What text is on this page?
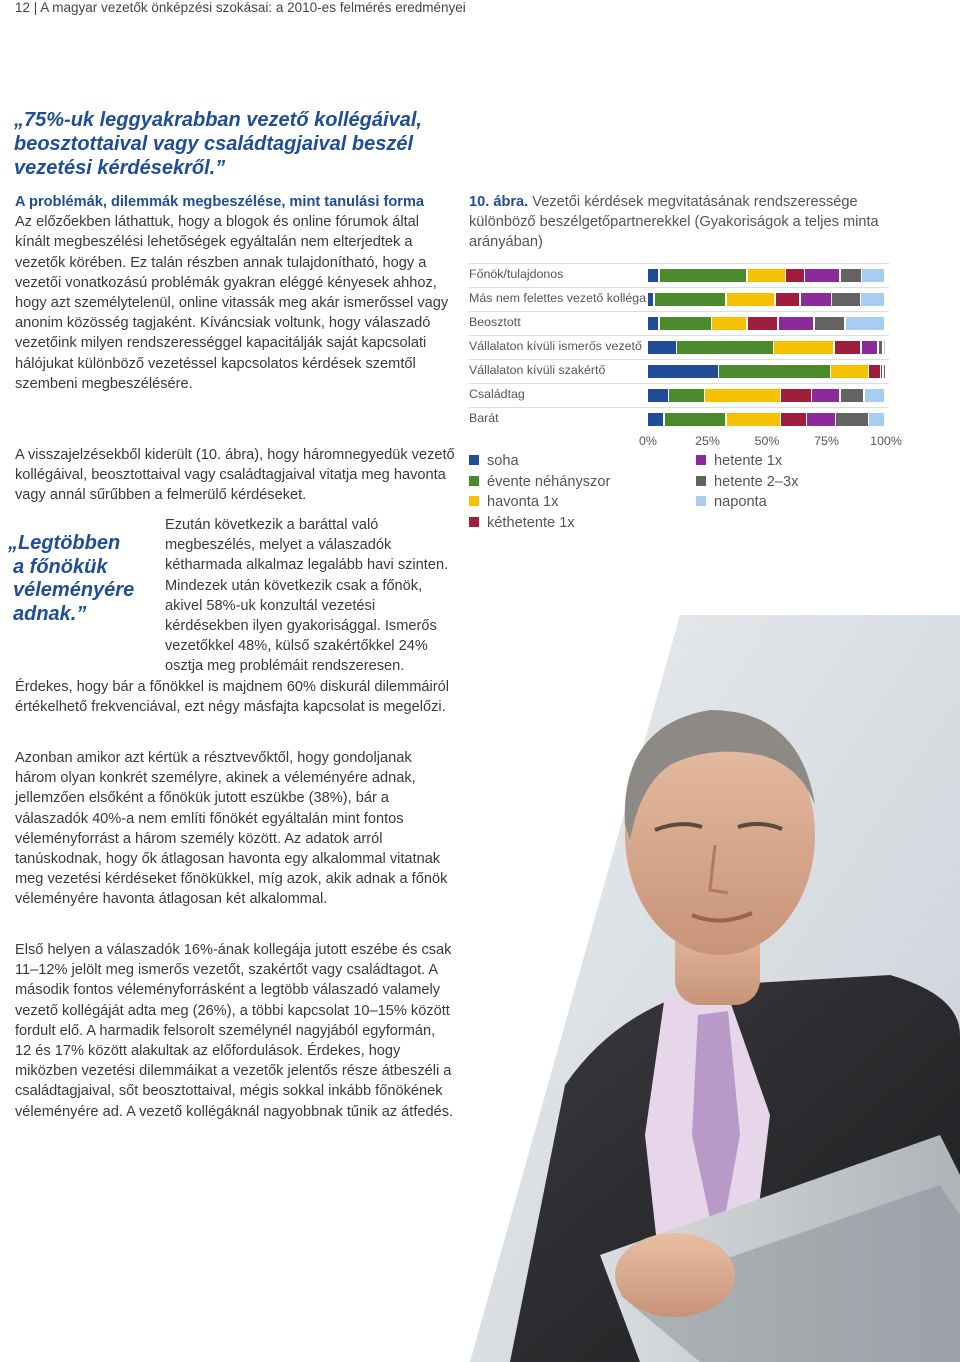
12 | A magyar vezetők önképzési szokásai: a 2010-es felmérés eredményei
„75%-uk leggyakrabban vezető kollégáival, beosztottaival vagy családtagjaival beszél vezetési kérdésekről.”
A problémák, dilemmák megbeszélése, mint tanulási forma

Az előzőekben láthattuk, hogy a blogok és online fórumok által kínált megbeszélési lehetőségek egyáltalán nem elterjedtek a vezetők körében. Ez talán részben annak tulajdonítható, hogy a vezetői vonatkozású problémák gyakran eléggé kényesek ahhoz, hogy azt személytelenül, online vitassák meg akár ismerőssel vagy anonim közösség tagjaként. Kíváncsiak voltunk, hogy válaszadó vezetőink milyen rendszerességgel kapacitálják saját kapcsolati hálójukat különböző vezetéssel kapcsolatos kérdések szemtől szembeni megbeszélésére.

A visszajelzésekből kiderült (10. ábra), hogy háromnegyedük vezető kollégáival, beosztottaival vagy családtagjaival vitatja meg havonta vagy annál sűrűbben a felmerülő kérdéseket.

„Legtöbben
a főnökük
véleményére
adnak.”

Ezután következik a baráttal való megbeszélés, melyet a válaszadók kétharmada alkalmaz legalább havi szinten. Mindezek után következik csak a főnök, akivel 58%-uk konzultál vezetési kérdésekben ilyen gyakorisággal. Ismerős vezetőkkel 48%, külső szakértőkkel 24% osztja meg problémáit rendszeresen. Érdekes, hogy bár a főnökkel is majdnem 60% diskurál dilemmáiról értékelhető frekvenciával, ezt négy másfajta kapcsolat is megelőzi.

Azonban amikor azt kértük a résztvevőktől, hogy gondoljanak három olyan konkrét személyre, akinek a véleményére adnak, jellemzően elsőként a főnökük jutott eszükbe (38%), bár a válaszadók 40%-a nem említi főnökét egyáltalán mint fontos véleményforrást a három személy között. Az adatok arról tanúskodnak, hogy ők átlagosan havonta egy alkalommal vitatnak meg vezetési kérdéseket főnökükkel, míg azok, akik adnak a főnök véleményére havonta átlagosan két alkalommal.

Első helyen a válaszadók 16%-ának kollegája jutott eszébe és csak 11–12% jelölt meg ismerős vezetőt, szakértőt vagy családtagot. A második fontos véleményforrásként a legtöbb válaszadó valamely vezető kollégáját adta meg (26%), a többi kapcsolat 10–15% között fordult elő. A harmadik felsorolt személynél nagyjából egyformán, 12 és 17% között alakultak az előfordulások. Érdekes, hogy miközben vezetési dilemmáikat a vezetők jelentős része átbeszéli a családtagjaival, sőt beosztottaival, mégis sokkal inkább főnökének véleményére ad. A vezető kollégáknál nagyobbnak tűnik az átfedés.

10. ábra. Vezetői kérdések megvitatásának rendszeressége különböző beszélgetőpartnerekkel (Gyakoriságok a teljes minta arányában)
Főnök/tulajdonos
Más nem felettes vezető kolléga
Beosztott
Vállalaton kívüli ismerős vezető
Vállalaton kívüli szakértő
Családtag
Barát
0%	25%	50%	75%	100%
soha
évente néhányszor
havonta 1x
kéthetente 1x
hetente 1x
hetente 2–3x
naponta
